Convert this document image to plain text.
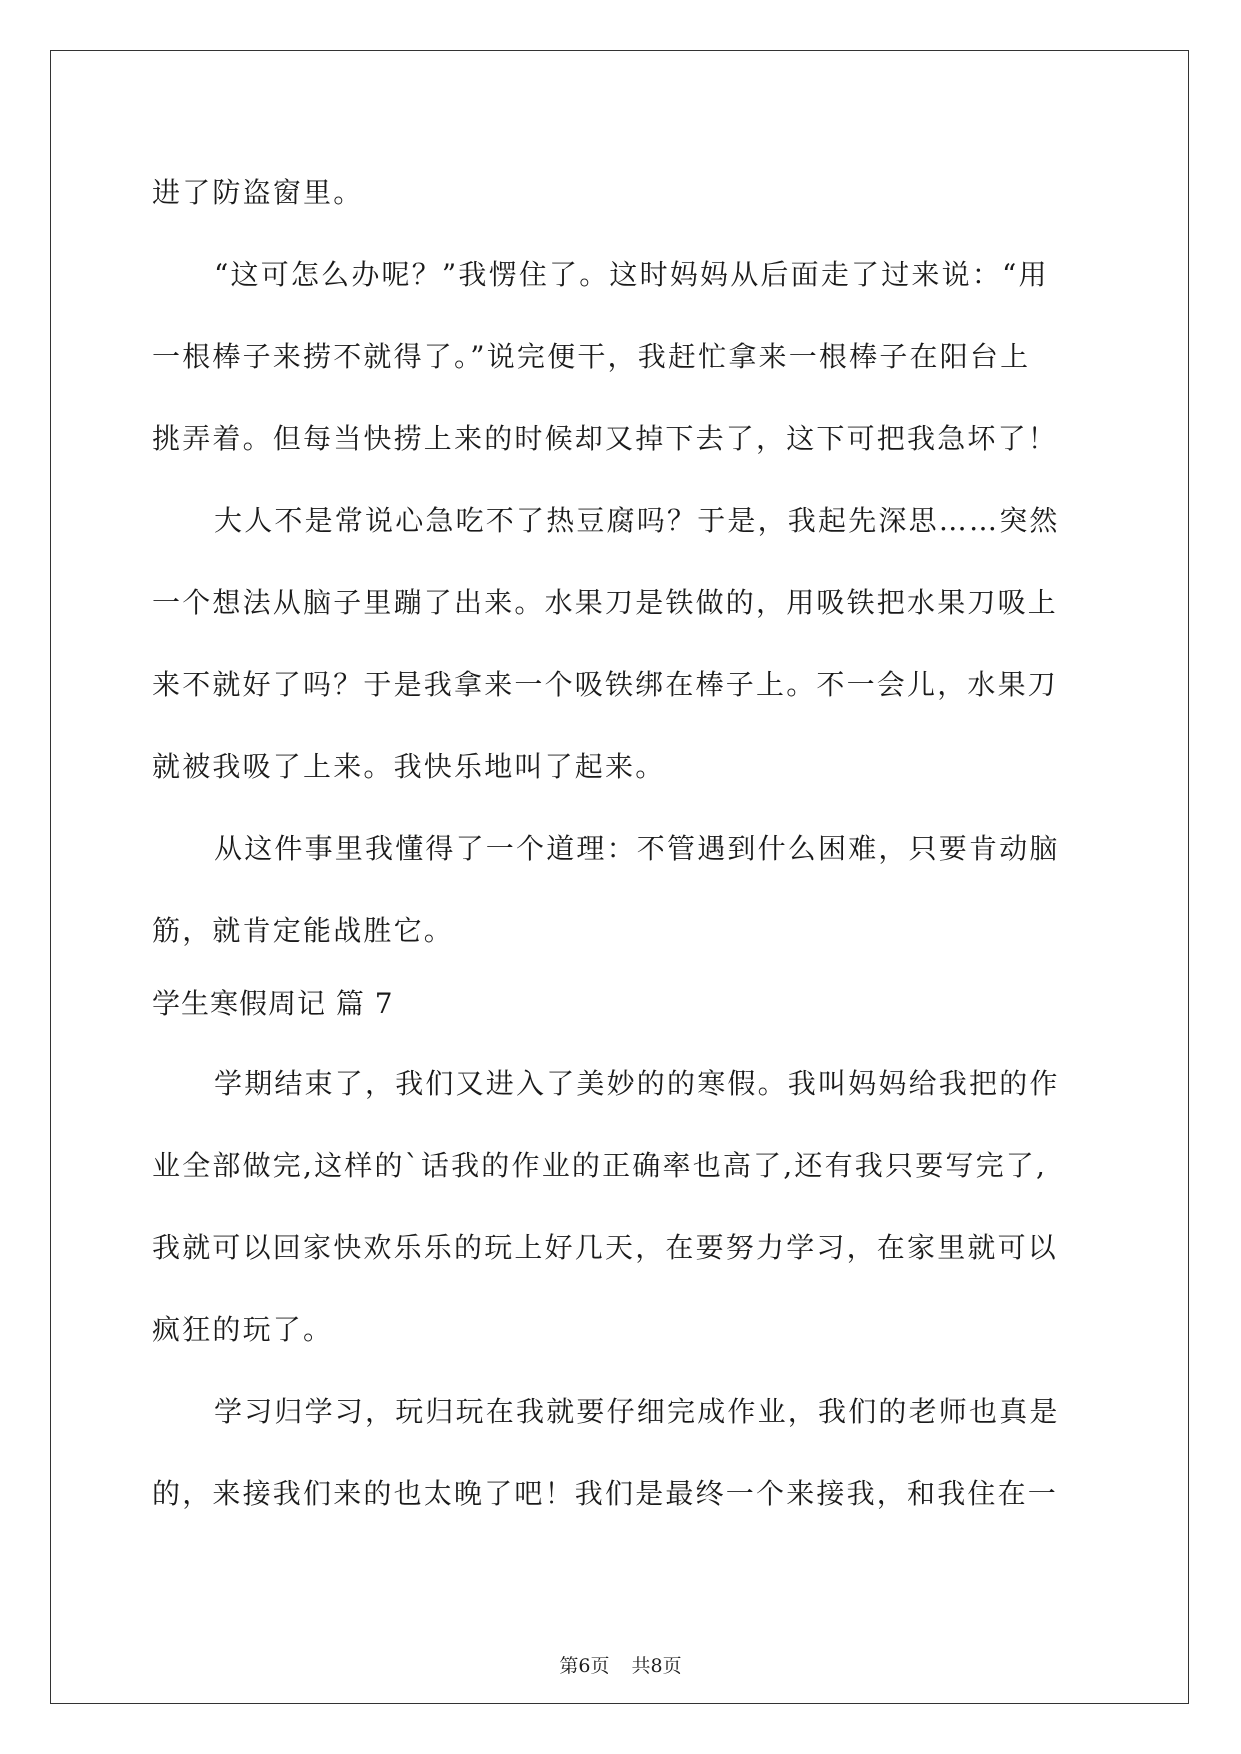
进了防盗窗里。
“这可怎么办呢？”我愣住了。这时妈妈从后面走了过来说：“用
一根棒子来捞不就得了。”说完便干，我赶忙拿来一根棒子在阳台上
挑弄着。但每当快捞上来的时候却又掉下去了，这下可把我急坏了！
大人不是常说心急吃不了热豆腐吗？于是，我起先深思……突然
一个想法从脑子里蹦了出来。水果刀是铁做的，用吸铁把水果刀吸上
来不就好了吗？于是我拿来一个吸铁绑在棒子上。不一会儿，水果刀
就被我吸了上来。我快乐地叫了起来。
从这件事里我懂得了一个道理：不管遇到什么困难，只要肯动脑
筋，就肯定能战胜它。
学生寒假周记 篇 7
学期结束了，我们又进入了美妙的的寒假。我叫妈妈给我把的作
业全部做完,这样的`话我的作业的正确率也高了,还有我只要写完了,
我就可以回家快欢乐乐的玩上好几天，在要努力学习，在家里就可以
疯狂的玩了。
学习归学习，玩归玩在我就要仔细完成作业，我们的老师也真是
的，来接我们来的也太晚了吧！我们是最终一个来接我，和我住在一
第6页 共8页
